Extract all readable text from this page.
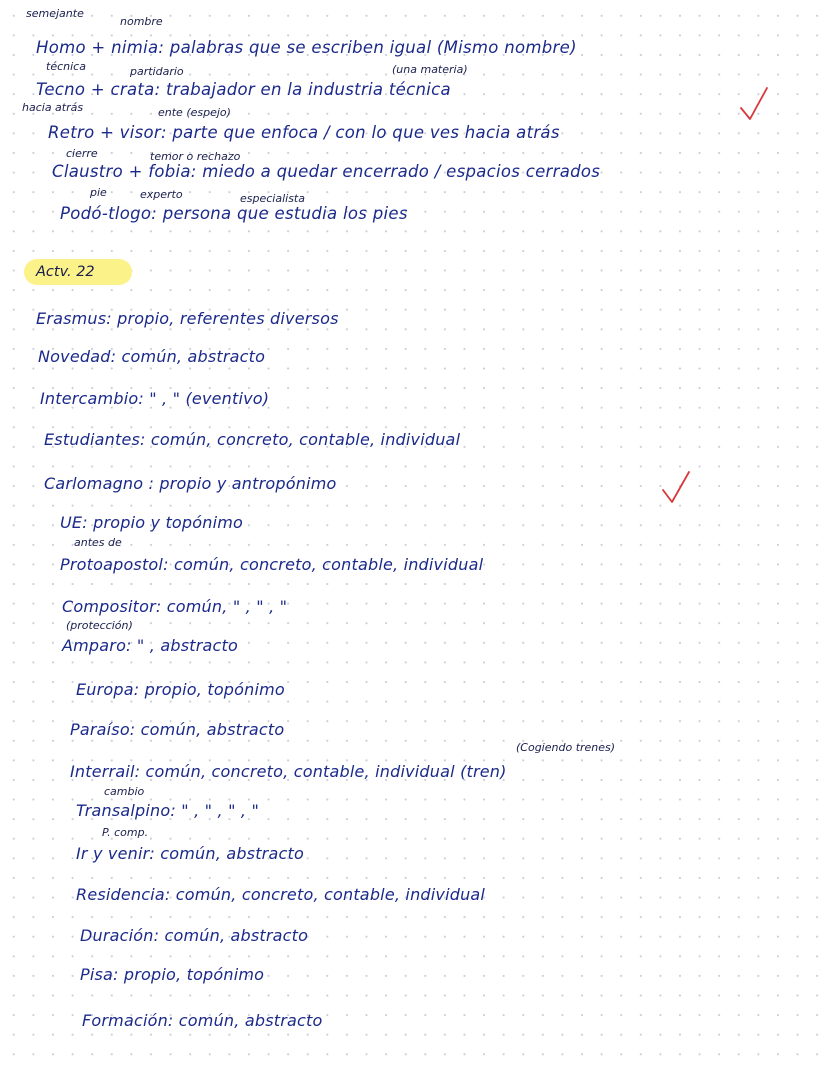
semejante
nombre
Homo + nimia: palabras que se escriben igual (Mismo nombre)
técnica	partidario	(una materia)
Tecno + crata: trabajador en la industria técnica
hacia atrás	ente (espejo)
Retro + visor: parte que enfoca / con lo que ves hacia atrás
cierre	temor o rechazo
Claustro + fobia: miedo a quedar encerrado / espacios cerrados
pie	experto	especialista
Podó-tlogo: persona que estudia los pies
Actv. 22
Erasmus: propio, referentes diversos
Novedad: común, abstracto
Intercambio: " , " (eventivo)
Estudiantes: común, concreto, contable, individual
Carlomagno : propio y antropónimo
UE: propio y topónimo
antes de
Protoapostol: común, concreto, contable, individual
Compositor: común, " , " , "
(protección)
Amparo: " , abstracto
Europa: propio, topónimo
Paraíso: común, abstracto
(Cogiendo trenes)
Interrail: común, concreto, contable, individual (tren)
cambio
Transalpino: " , " , " , "
P. comp.
Ir y venir: común, abstracto
Residencia: común, concreto, contable, individual
Duración: común, abstracto
Pisa: propio, topónimo
Formación: común, abstracto
